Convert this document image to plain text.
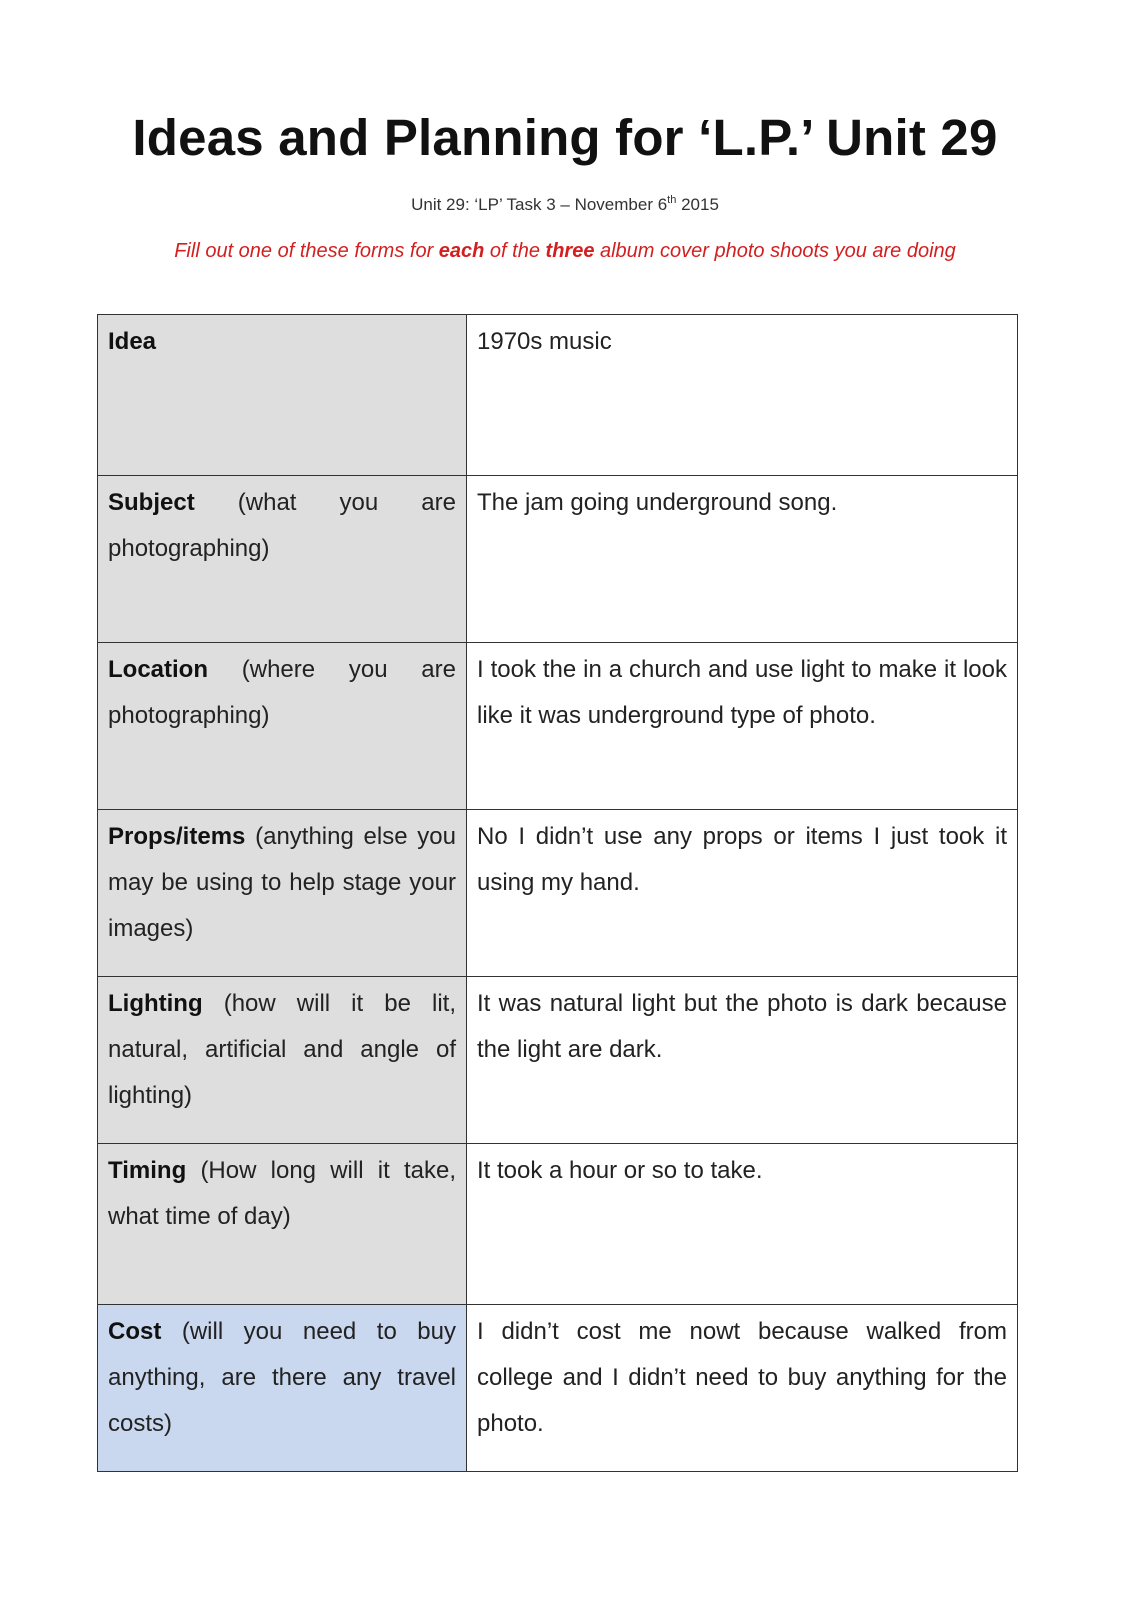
Ideas and Planning for ‘L.P.’ Unit 29
Unit 29: ‘LP’ Task 3 – November 6th 2015
Fill out one of these forms for each of the three album cover photo shoots you are doing
Idea	1970s music
Subject (what you are photographing)	The jam going underground song.
Location (where you are photographing)	I took the in a church and use light to make it look like it was underground type of photo.
Props/items (anything else you may be using to help stage your images)	No I didn’t use any props or items I just took it using my hand.
Lighting (how will it be lit, natural, artificial and angle of lighting)	It was natural light but the photo is dark because the light are dark.
Timing (How long will it take, what time of day)	It took a hour or so to take.
Cost (will you need to buy anything, are there any travel costs)	I didn’t cost me nowt because walked from college and I didn’t need to buy anything for the photo.
